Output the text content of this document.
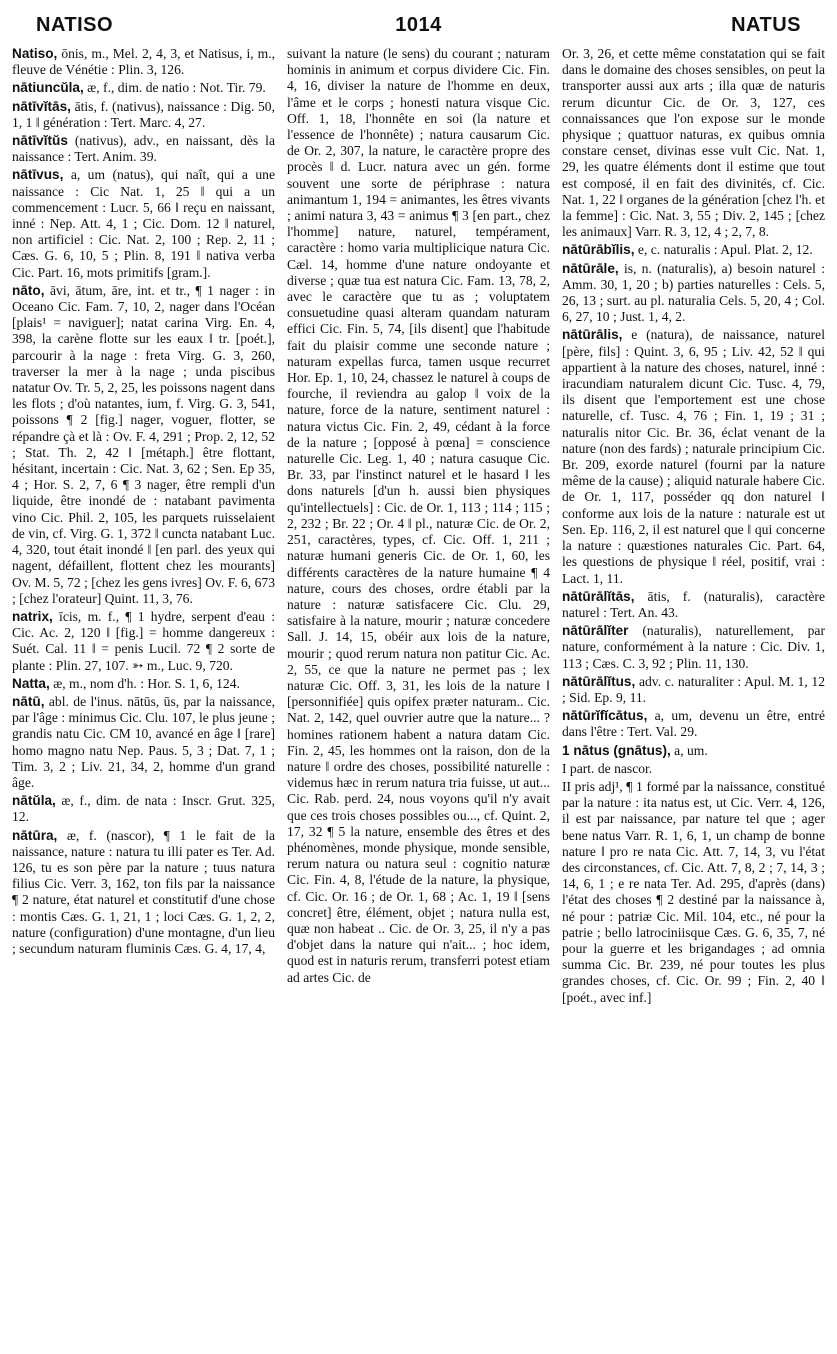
NATISO	1014	NATUS

Natiso, ōnis, m., Mel. 2, 4, 3, et Natisus, i, m., fleuve de Vénétie : Plin. 3, 126.

nātiuncŭla, æ, f., dim. de natio : Not. Tir. 79.

nātīvĭtās, ātis, f. (nativus), naissance : Dig. 50, 1, 1 ‖ génération : Tert. Marc. 4, 27.

nātīvĭtŭs (nativus), adv., en naissant, dès la naissance : Tert. Anim. 39.

nātīvus, a, um (natus), qui naît, qui a une naissance : Cic Nat. 1, 25 ‖ qui a un commencement : Lucr. 5, 66 ‖ reçu en naissant, inné : Nep. Att. 4, 1 ; Cic. Dom. 12 ‖ naturel, non artificiel : Cic. Nat. 2, 100 ; Rep. 2, 11 ; Cæs. G. 6, 10, 5 ; Plin. 8, 191 ‖ nativa verba Cic. Part. 16, mots primitifs [gram.].

nāto, āvi, ātum, āre, int. et tr., ¶ 1 nager : in Oceano Cic. Fam. 7, 10, 2, nager dans l'Océan [plais¹ = naviguer]; natat carina Virg. En. 4, 398, la carène flotte sur les eaux ‖ tr. [poét.], parcourir à la nage : freta Virg. G. 3, 260, traverser la mer à la nage ; unda piscibus natatur Ov. Tr. 5, 2, 25, les poissons nagent dans les flots ; d'où natantes, ium, f. Virg. G. 3, 541, poissons ¶ 2 [fig.] nager, voguer, flotter, se répandre çà et là : Ov. F. 4, 291 ; Prop. 2, 12, 52 ; Stat. Th. 2, 42 ‖ [métaph.] être flottant, hésitant, incertain : Cic. Nat. 3, 62 ; Sen. Ep 35, 4 ; Hor. S. 2, 7, 6 ¶ 3 nager, être rempli d'un liquide, être inondé de : natabant pavimenta vino Cic. Phil. 2, 105, les parquets ruisselaient de vin, cf. Virg. G. 1, 372 ‖ cuncta natabant Luc. 4, 320, tout était inondé ‖ [en parl. des yeux qui nagent, défaillent, flottent chez les mourants] Ov. M. 5, 72 ; [chez les gens ivres] Ov. F. 6, 673 ; [chez l'orateur] Quint. 11, 3, 76.

natrix, īcis, m. f., ¶ 1 hydre, serpent d'eau : Cic. Ac. 2, 120 ‖ [fig.] = homme dangereux : Suét. Cal. 11 ‖ = penis Lucil. 72 ¶ 2 sorte de plante : Plin. 27, 107. ➳ m., Luc. 9, 720.

Natta, æ, m., nom d'h. : Hor. S. 1, 6, 124.

nātū, abl. de l'inus. nātūs, ūs, par la naissance, par l'âge : minimus Cic. Clu. 107, le plus jeune ; grandis natu Cic. CM 10, avancé en âge ‖ [rare] homo magno natu Nep. Paus. 5, 3 ; Dat. 7, 1 ; Tim. 3, 2 ; Liv. 21, 34, 2, homme d'un grand âge.

nātŭla, æ, f., dim. de nata : Inscr. Grut. 325, 12.

nātūra, æ, f. (nascor), ¶ 1 le fait de la naissance, nature : natura tu illi pater es Ter. Ad. 126, tu es son père par la nature ; tuus natura filius Cic. Verr. 3, 162, ton fils par la naissance ¶ 2 nature, état naturel et constitutif d'une chose : montis Cæs. G. 1, 21, 1 ; loci Cæs. G. 1, 2, 2, nature (configuration) d'une montagne, d'un lieu ; secundum naturam fluminis Cæs. G. 4, 17, 4,

suivant la nature (le sens) du courant ; naturam hominis in animum et corpus dividere Cic. Fin. 4, 16, diviser la nature de l'homme en deux, l'âme et le corps ; honesti natura visque Cic. Off. 1, 18, l'honnête en soi (la nature et l'essence de l'honnête) ; natura causarum Cic. de Or. 2, 307, la nature, le caractère propre des procès ‖ d. Lucr. natura avec un gén. forme souvent une sorte de périphrase : natura animantum 1, 194 = animantes, les êtres vivants ; animi natura 3, 43 = animus ¶ 3 [en part., chez l'homme] nature, naturel, tempérament, caractère : homo varia multiplicique natura Cic. Cæl. 14, homme d'une nature ondoyante et diverse ; quæ tua est natura Cic. Fam. 13, 78, 2, avec le caractère que tu as ; voluptatem consuetudine quasi alteram quandam naturam effici Cic. Fin. 5, 74, [ils disent] que l'habitude fait du plaisir comme une seconde nature ; naturam expellas furca, tamen usque recurret Hor. Ep. 1, 10, 24, chassez le naturel à coups de fourche, il reviendra au galop ‖ voix de la nature, force de la nature, sentiment naturel : natura victus Cic. Fin. 2, 49, cédant à la force de la nature ; [opposé à pœna] = conscience naturelle Cic. Leg. 1, 40 ; natura casuque Cic. Br. 33, par l'instinct naturel et le hasard ‖ les dons naturels [d'un h. aussi bien physiques qu'intellectuels] : Cic. de Or. 1, 113 ; 114 ; 115 ; 2, 232 ; Br. 22 ; Or. 4 ‖ pl., naturæ Cic. de Or. 2, 251, caractères, types, cf. Cic. Off. 1, 211 ; naturæ humani generis Cic. de Or. 1, 60, les différents caractères de la nature humaine ¶ 4 nature, cours des choses, ordre établi par la nature : naturæ satisfacere Cic. Clu. 29, satisfaire à la nature, mourir ; naturæ concedere Sall. J. 14, 15, obéir aux lois de la nature, mourir ; quod rerum natura non patitur Cic. Ac. 2, 55, ce que la nature ne permet pas ; lex naturæ Cic. Off. 3, 31, les lois de la nature ‖ [personnifiée] quis opifex præter naturam.. Cic. Nat. 2, 142, quel ouvrier autre que la nature... ? homines rationem habent a natura datam Cic. Fin. 2, 45, les hommes ont la raison, don de la nature ‖ ordre des choses, possibilité naturelle : videmus hæc in rerum natura tria fuisse, ut aut... Cic. Rab. perd. 24, nous voyons qu'il n'y avait que ces trois choses possibles ou..., cf. Quint. 2, 17, 32 ¶ 5 la nature, ensemble des êtres et des phénomènes, monde physique, monde sensible, rerum natura ou natura seul : cognitio naturæ Cic. Fin. 4, 8, l'étude de la nature, la physique, cf. Cic. Or. 16 ; de Or. 1, 68 ; Ac. 1, 19 ‖ [sens concret] être, élément, objet ; natura nulla est, quæ non habeat .. Cic. de Or. 3, 25, il n'y a pas d'objet dans la nature qui n'ait... ; hoc idem, quod est in naturis rerum, transferri potest etiam ad artes Cic. de

Or. 3, 26, et cette même constatation qui se fait dans le domaine des choses sensibles, on peut la transporter aussi aux arts ; illa quæ de naturis rerum dicuntur Cic. de Or. 3, 127, ces connaissances que l'on expose sur le monde physique ; quattuor naturas, ex quibus omnia constare censet, divinas esse vult Cic. Nat. 1, 29, les quatre éléments dont il estime que tout est composé, il en fait des divinités, cf. Cic. Nat. 1, 22 ‖ organes de la génération [chez l'h. et la femme] : Cic. Nat. 3, 55 ; Div. 2, 145 ; [chez les animaux] Varr. R. 3, 12, 4 ; 2, 7, 8.

nātūrābĭlis, e, c. naturalis : Apul. Plat. 2, 12.

nātūrāle, is, n. (naturalis), a) besoin naturel : Amm. 30, 1, 20 ; b) parties naturelles : Cels. 5, 26, 13 ; surt. au pl. naturalia Cels. 5, 20, 4 ; Col. 6, 27, 10 ; Just. 1, 4, 2.

nātūrālis, e (natura), de naissance, naturel [père, fils] : Quint. 3, 6, 95 ; Liv. 42, 52 ‖ qui appartient à la nature des choses, naturel, inné : iracundiam naturalem dicunt Cic. Tusc. 4, 79, ils disent que l'emportement est une chose naturelle, cf. Tusc. 4, 76 ; Fin. 1, 19 ; 31 ; naturalis nitor Cic. Br. 36, éclat venant de la nature (non des fards) ; naturale principium Cic. Br. 209, exorde naturel (fourni par la nature même de la cause) ; aliquid naturale habere Cic. de Or. 1, 117, posséder qq don naturel ‖ conforme aux lois de la nature : naturale est ut Sen. Ep. 116, 2, il est naturel que ‖ qui concerne la nature : quæstiones naturales Cic. Part. 64, les questions de physique ‖ réel, positif, vrai : Lact. 1, 11.

nātūrālĭtās, ātis, f. (naturalis), caractère naturel : Tert. An. 43.

nātūrālĭter (naturalis), naturellement, par nature, conformément à la nature : Cic. Div. 1, 113 ; Cæs. C. 3, 92 ; Plin. 11, 130.

nātūrālĭtus, adv. c. naturaliter : Apul. M. 1, 12 ; Sid. Ep. 9, 11.

nātūrĭfĭcātus, a, um, devenu un être, entré dans l'être : Tert. Val. 29.

1 nātus (gnātus), a, um.

I part. de nascor.

II pris adj¹, ¶ 1 formé par la naissance, constitué par la nature : ita natus est, ut Cic. Verr. 4, 126, il est par naissance, par nature tel que ; ager bene natus Varr. R. 1, 6, 1, un champ de bonne nature ‖ pro re nata Cic. Att. 7, 14, 3, vu l'état des circonstances, cf. Cic. Att. 7, 8, 2 ; 7, 14, 3 ; 14, 6, 1 ; e re nata Ter. Ad. 295, d'après (dans) l'état des choses ¶ 2 destiné par la naissance à, né pour : patriæ Cic. Mil. 104, etc., né pour la patrie ; bello latrociniisque Cæs. G. 6, 35, 7, né pour la guerre et les brigandages ; ad omnia summa Cic. Br. 239, né pour toutes les plus grandes choses, cf. Cic. Or. 99 ; Fin. 2, 40 ‖ [poét., avec inf.]
